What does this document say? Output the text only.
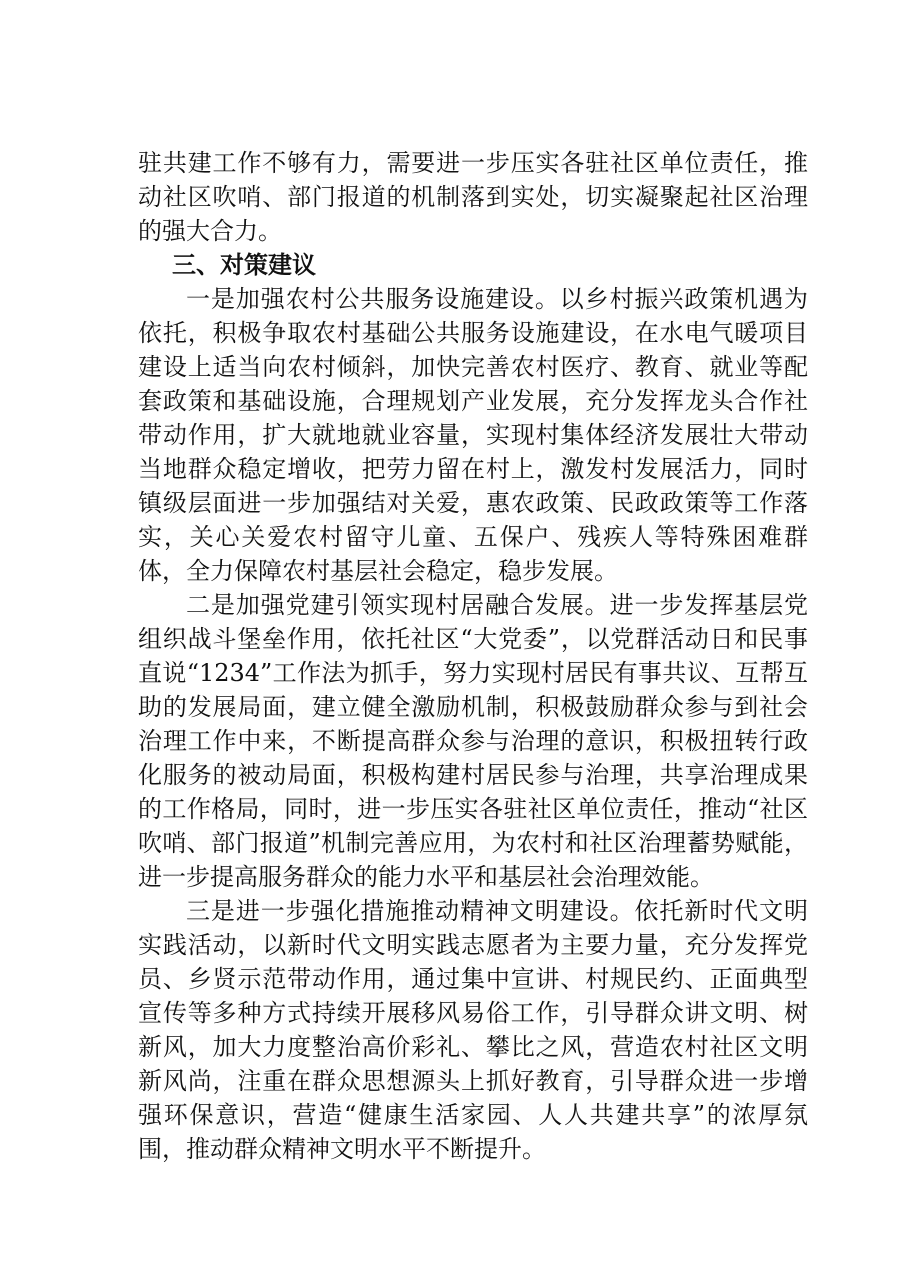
驻共建工作不够有力，需要进一步压实各驻社区单位责任，推动社区吹哨、部门报道的机制落到实处，切实凝聚起社区治理的强大合力。

三、对策建议

一是加强农村公共服务设施建设。以乡村振兴政策机遇为依托，积极争取农村基础公共服务设施建设，在水电气暖项目建设上适当向农村倾斜，加快完善农村医疗、教育、就业等配套政策和基础设施，合理规划产业发展，充分发挥龙头合作社带动作用，扩大就地就业容量，实现村集体经济发展壮大带动当地群众稳定增收，把劳力留在村上，激发村发展活力，同时镇级层面进一步加强结对关爱，惠农政策、民政政策等工作落实，关心关爱农村留守儿童、五保户、残疾人等特殊困难群体，全力保障农村基层社会稳定，稳步发展。

二是加强党建引领实现村居融合发展。进一步发挥基层党组织战斗堡垒作用，依托社区“大党委”，以党群活动日和民事直说“1234”工作法为抓手，努力实现村居民有事共议、互帮互助的发展局面，建立健全激励机制，积极鼓励群众参与到社会治理工作中来，不断提高群众参与治理的意识，积极扭转行政化服务的被动局面，积极构建村居民参与治理，共享治理成果的工作格局，同时，进一步压实各驻社区单位责任，推动“社区吹哨、部门报道”机制完善应用，为农村和社区治理蓄势赋能，进一步提高服务群众的能力水平和基层社会治理效能。

三是进一步强化措施推动精神文明建设。依托新时代文明实践活动，以新时代文明实践志愿者为主要力量，充分发挥党员、乡贤示范带动作用，通过集中宣讲、村规民约、正面典型宣传等多种方式持续开展移风易俗工作，引导群众讲文明、树新风，加大力度整治高价彩礼、攀比之风，营造农村社区文明新风尚，注重在群众思想源头上抓好教育，引导群众进一步增强环保意识，营造“健康生活家园、人人共建共享”的浓厚氛围，推动群众精神文明水平不断提升。
